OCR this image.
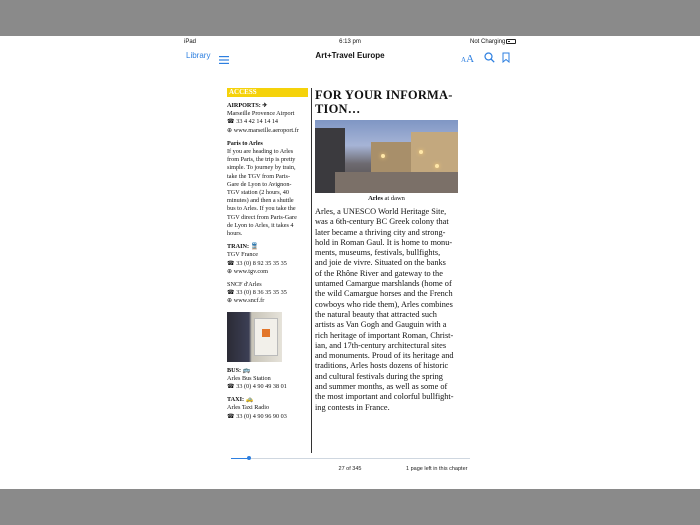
iPad	6:13 pm	Not Charging
Library	Art+Travel Europe	AA
ACCESS
AIRPORTS: ✈
Marseille Provence Airport
☎ 33 4 42 14 14 14
⊕ www.marseille.aeroport.fr
Paris to Arles
If you are heading to Arles
from Paris, the trip is pretty
simple. To journey by train,
take the TGV from Paris-
Gare de Lyon to Avignon-
TGV station (2 hours, 40
minutes) and then a shuttle
bus to Arles. If you take the
TGV direct from Paris-Gare
de Lyon to Arles, it takes 4
hours.
TRAIN: 🚆
TGV France
☎ 33 (0) 8 92 35 35 35
⊕ www.tgv.com
SNCF d'Arles
☎ 33 (0) 8 36 35 35 35
⊕ www.sncf.fr
BUS: 🚌
Arles Bus Station
☎ 33 (0) 4 90 49 38 01
TAXI: 🚕
Arles Taxi Radio
☎ 33 (0) 4 90 96 90 03
FOR YOUR INFORMA-
TION…
Arles at dawn
Arles, a UNESCO World Heritage Site,
was a 6th-century BC Greek colony that
later became a thriving city and strong-
hold in Roman Gaul. It is home to monu-
ments, museums, festivals, bullfights,
and joie de vivre. Situated on the banks
of the Rhône River and gateway to the
untamed Camargue marshlands (home of
the wild Camargue horses and the French
cowboys who ride them), Arles combines
the natural beauty that attracted such
artists as Van Gogh and Gauguin with a
rich heritage of important Roman, Christ-
ian, and 17th-century architectural sites
and monuments. Proud of its heritage and
traditions, Arles hosts dozens of historic
and cultural festivals during the spring
and summer months, as well as some of
the most important and colorful bullfight-
ing contests in France.
27 of 345	1 page left in this chapter
